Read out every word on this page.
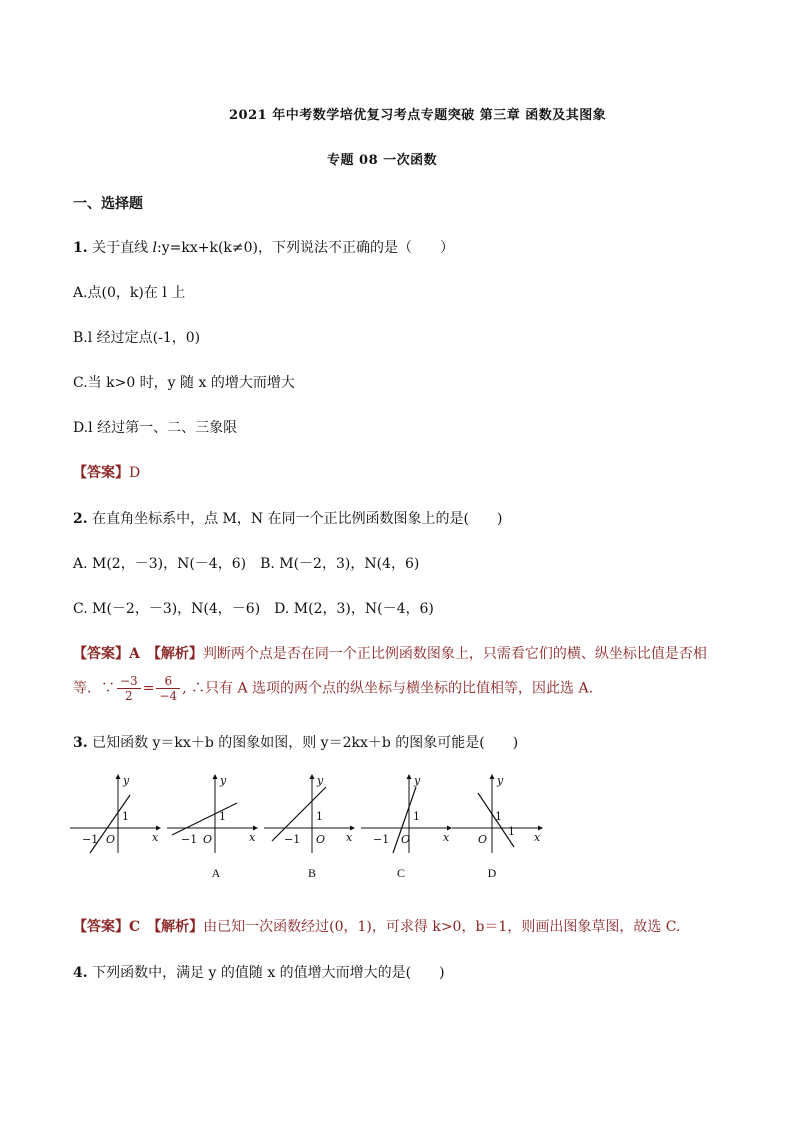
2021 年中考数学培优复习考点专题突破 第三章 函数及其图象
专题 08 一次函数
一、选择题
1. 关于直线 l:y=kx+k(k≠0)，下列说法不正确的是（　　）
A.点(0，k)在 l 上
B.l 经过定点(-1，0)
C.当 k>0 时，y 随 x 的增大而增大
D.l 经过第一、二、三象限
【答案】D
2. 在直角坐标系中，点 M，N 在同一个正比例函数图象上的是(　　)
A. M(2，－3)，N(－4，6)　B. M(－2，3)，N(4，6)
C. M(－2，－3)，N(4，－6)　D. M(2，3)，N(－4，6)
【答案】A　 【解析】判断两个点是否在同一个正比例函数图象上，只需看它们的横、纵坐标比值是否相
等．∵ $\frac{-3}{2} = \frac{6}{-4}$ , ∴只有 A 选项的两个点的纵坐标与横坐标的比值相等，因此选 A.
3. 已知函数 y＝kx＋b 的图象如图，则 y＝2kx＋b 的图象可能是(　　)
y
x
O
−1
1
y
x
O
−1
1
y
x
O
−1
1
y
x
O
−1
1
y
x
O
1
1
A	B	C	D
【答案】C　 【解析】由已知一次函数经过(0，1)，可求得 k>0，b＝1，则画出图象草图，故选 C.
4. 下列函数中，满足 y 的值随 x 的值增大而增大的是(　　)
